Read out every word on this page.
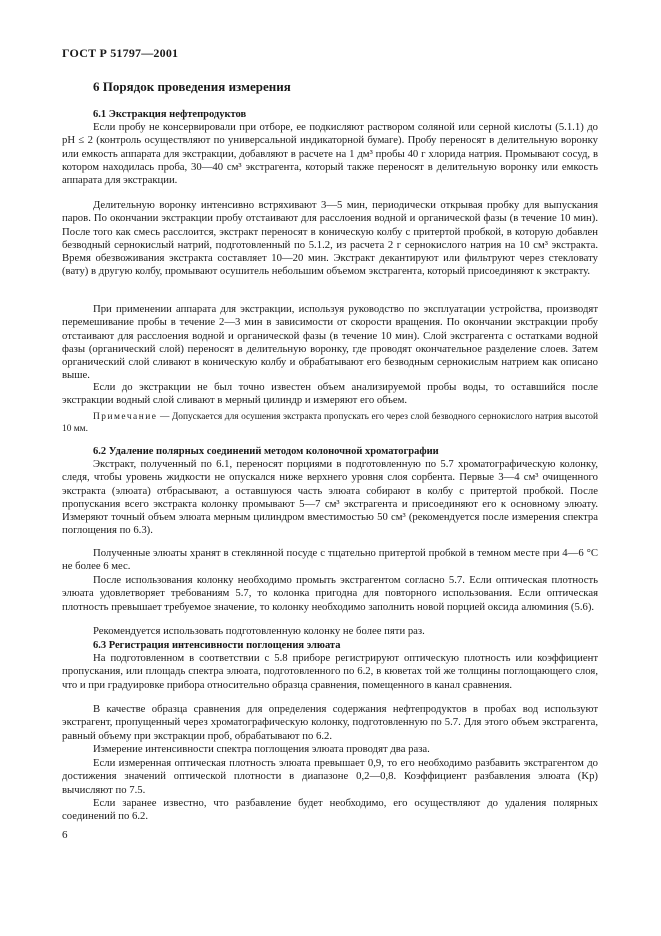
ГОСТ Р 51797—2001
6 Порядок проведения измерения
6.1 Экстракция нефтепродуктов
Если пробу не консервировали при отборе, ее подкисляют раствором соляной или серной кислоты (5.1.1) до pH ≤ 2 (контроль осуществляют по универсальной индикаторной бумаге). Пробу переносят в делительную воронку или емкость аппарата для экстракции, добавляют в расчете на 1 дм³ пробы 40 г хлорида натрия. Промывают сосуд, в котором находилась проба, 30—40 см³ экстрагента, который также переносят в делительную воронку или емкость аппарата для экстракции.
Делительную воронку интенсивно встряхивают 3—5 мин, периодически открывая пробку для выпускания паров. По окончании экстракции пробу отстаивают для расслоения водной и органической фазы (в течение 10 мин). После того как смесь расслоится, экстракт переносят в коническую колбу с притертой пробкой, в которую добавлен безводный сернокислый натрий, подготовленный по 5.1.2, из расчета 2 г сернокислого натрия на 10 см³ экстракта. Время обезвоживания экстракта составляет 10—20 мин. Экстракт декантируют или фильтруют через стекловату (вату) в другую колбу, промывают осушитель небольшим объемом экстрагента, который присоединяют к экстракту.
При применении аппарата для экстракции, используя руководство по эксплуатации устройства, производят перемешивание пробы в течение 2—3 мин в зависимости от скорости вращения. По окончании экстракции пробу отстаивают для расслоения водной и органической фазы (в течение 10 мин). Слой экстрагента с остатками водной фазы (органический слой) переносят в делительную воронку, где проводят окончательное разделение слоев. Затем органический слой сливают в коническую колбу и обрабатывают его безводным сернокислым натрием как описано выше.
Если до экстракции не был точно известен объем анализируемой пробы воды, то оставшийся после экстракции водный слой сливают в мерный цилиндр и измеряют его объем.
Примечание — Допускается для осушения экстракта пропускать его через слой безводного сернокислого натрия высотой 10 мм.
6.2 Удаление полярных соединений методом колоночной хроматографии
Экстракт, полученный по 6.1, переносят порциями в подготовленную по 5.7 хроматографическую колонку, следя, чтобы уровень жидкости не опускался ниже верхнего уровня слоя сорбента. Первые 3—4 см³ очищенного экстракта (элюата) отбрасывают, а оставшуюся часть элюата собирают в колбу с притертой пробкой. После пропускания всего экстракта колонку промывают 5—7 см³ экстрагента и присоединяют его к основному элюату. Измеряют точный объем элюата мерным цилиндром вместимостью 50 см³ (рекомендуется после измерения спектра поглощения по 6.3).
Полученные элюаты хранят в стеклянной посуде с тщательно притертой пробкой в темном месте при 4—6 °С не более 6 мес.
После использования колонку необходимо промыть экстрагентом согласно 5.7. Если оптическая плотность элюата удовлетворяет требованиям 5.7, то колонка пригодна для повторного использования. Если оптическая плотность превышает требуемое значение, то колонку необходимо заполнить новой порцией оксида алюминия (5.6).
Рекомендуется использовать подготовленную колонку не более пяти раз.
6.3 Регистрация интенсивности поглощения элюата
На подготовленном в соответствии с 5.8 приборе регистрируют оптическую плотность или коэффициент пропускания, или площадь спектра элюата, подготовленного по 6.2, в кюветах той же толщины поглощающего слоя, что и при градуировке прибора относительно образца сравнения, помещенного в канал сравнения.
В качестве образца сравнения для определения содержания нефтепродуктов в пробах вод используют экстрагент, пропущенный через хроматографическую колонку, подготовленную по 5.7. Для этого объем экстрагента, равный объему при экстракции проб, обрабатывают по 6.2.
Измерение интенсивности спектра поглощения элюата проводят два раза.
Если измеренная оптическая плотность элюата превышает 0,9, то его необходимо разбавить экстрагентом до достижения значений оптической плотности в диапазоне 0,2—0,8. Коэффициент разбавления элюата (Kр) вычисляют по 7.5.
Если заранее известно, что разбавление будет необходимо, его осуществляют до удаления полярных соединений по 6.2.
6
